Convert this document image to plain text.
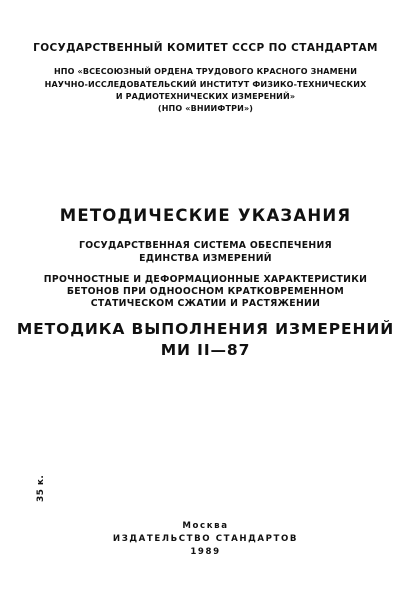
ГОСУДАРСТВЕННЫЙ КОМИТЕТ СССР ПО СТАНДАРТАМ
НПО «ВСЕСОЮЗНЫЙ ОРДЕНА ТРУДОВОГО КРАСНОГО ЗНАМЕНИ
НАУЧНО-ИССЛЕДОВАТЕЛЬСКИЙ ИНСТИТУТ ФИЗИКО-ТЕХНИЧЕСКИХ
И РАДИОТЕХНИЧЕСКИХ ИЗМЕРЕНИЙ»
(НПО «ВНИИФТРИ»)
МЕТОДИЧЕСКИЕ УКАЗАНИЯ
ГОСУДАРСТВЕННАЯ СИСТЕМА ОБЕСПЕЧЕНИЯ
ЕДИНСТВА ИЗМЕРЕНИЙ
ПРОЧНОСТНЫЕ И ДЕФОРМАЦИОННЫЕ ХАРАКТЕРИСТИКИ
БЕТОНОВ ПРИ ОДНООСНОМ КРАТКОВРЕМЕННОМ
СТАТИЧЕСКОМ СЖАТИИ И РАСТЯЖЕНИИ
МЕТОДИКА ВЫПОЛНЕНИЯ ИЗМЕРЕНИЙ
МИ II—87
35 к.
Москва
ИЗДАТЕЛЬСТВО СТАНДАРТОВ
1989
